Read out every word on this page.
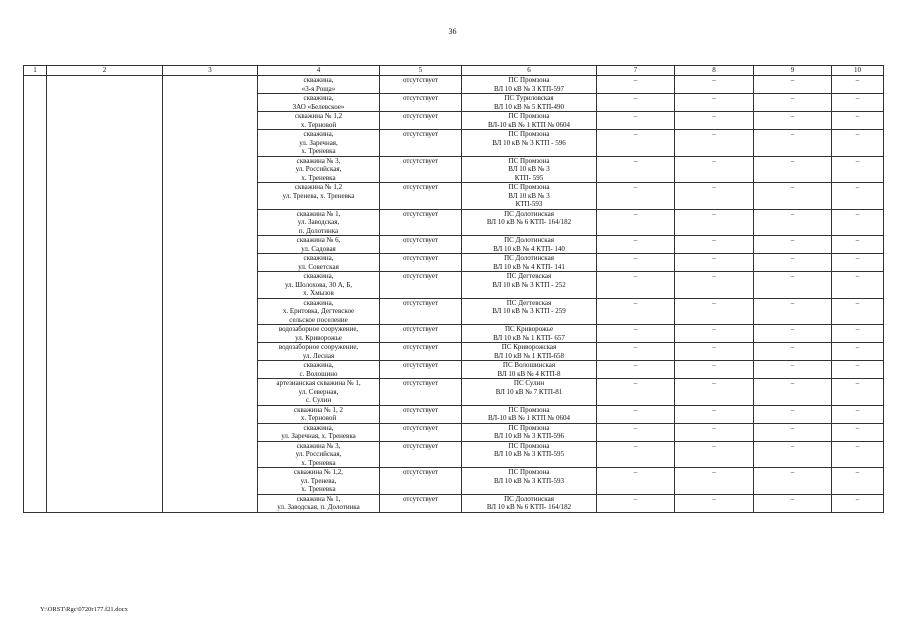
36
1	2	3	4	5	6	7	8	9	10

			скважина,
«3-я Роща»	отсутствует	ПС Промзона
ВЛ 10 кВ № 3 КТП-597	–	–	–	–

			скважина,
ЗАО «Белевское»	отсутствует	ПС Туриловская
ВЛ 10 кВ № 5 КТП-490	–	–	–	–

			скважина № 1,2
х. Терновой	отсутствует	ПС Промзона
ВЛ-10 кВ № 1 КТП № 0604	–	–	–	–

			скважина,
ул. Заречная,
х. Треневка	отсутствует	ПС Промзона
ВЛ 10 кВ № 3 КТП - 596	–	–	–	–

			скважина № 3,
ул. Российская,
х. Треневка	отсутствует	ПС Промзона
ВЛ 10 кВ № 3
КТП- 595	–	–	–	–

			скважина № 1,2
ул. Тренева, х. Треневка	отсутствует	ПС Промзона
ВЛ 10 кВ № 3
КТП-593	–	–	–	–

			скважина № 1,
ул. Заводская,
п. Долотинка	отсутствует	ПС Долотинская
ВЛ 10 кВ № 6 КТП- 164/182	–	–	–	–

			скважина № 6,
ул. Садовая	отсутствует	ПС Долотинская
ВЛ 10 кВ № 4 КТП- 140	–	–	–	–

			скважина,
ул. Советская	отсутствует	ПС Долотинская
ВЛ 10 кВ № 4 КТП- 141	–	–	–	–

			скважина,
ул. Шолохова, 30 А, Б,
х. Хмызов	отсутствует	ПС Дегтевская
ВЛ 10 кВ № 3 КТП - 252	–	–	–	–

			скважина,
х. Еритовка, Дегтевское
сельское поселение	отсутствует	ПС Дегтевская
ВЛ 10 кВ № 3 КТП - 259	–	–	–	–

			водозаборное сооружение,
ул. Криворожье	отсутствует	ПС Криворожье
ВЛ 10 кВ № 1 КТП- 657	–	–	–	–

			водозаборное сооружение,
ул. Лесная	отсутствует	ПС Криворожская
ВЛ 10 кВ № 1 КТП-658	–	–	–	–

			скважина,
с. Волошино	отсутствует	ПС Волошинская
ВЛ 10 кВ № 4 КТП-8	–	–	–	–

			артезианская скважина № 1,
ул. Северная,
с. Сулин	отсутствует	ПС Сулин
ВЛ 10 кВ № 7 КТП-81	–	–	–	–

			скважина № 1, 2
х. Терновой	отсутствует	ПС Промзона
ВЛ-10 кВ № 1 КТП № 0604	–	–	–	–

			скважина,
ул. Заречная, х. Треневка	отсутствует	ПС Промзона
ВЛ 10 кВ № 3 КТП-596	–	–	–	–

			скважина № 3,
ул. Российская,
х. Треневка	отсутствует	ПС Промзона
ВЛ 10 кВ № 3 КТП-595	–	–	–	–

			скважина № 1,2,
ул. Тренева,
х. Треневка	отсутствует	ПС Промзона
ВЛ 10 кВ № 3 КТП-593	–	–	–	–

			скважина № 1,
ул. Заводская, п. Долотинка	отсутствует	ПС Долотинская
ВЛ 10 кВ № 6 КТП- 164/182	–	–	–	–
Y:\ORST\Rgc\0720r177.f21.docx
